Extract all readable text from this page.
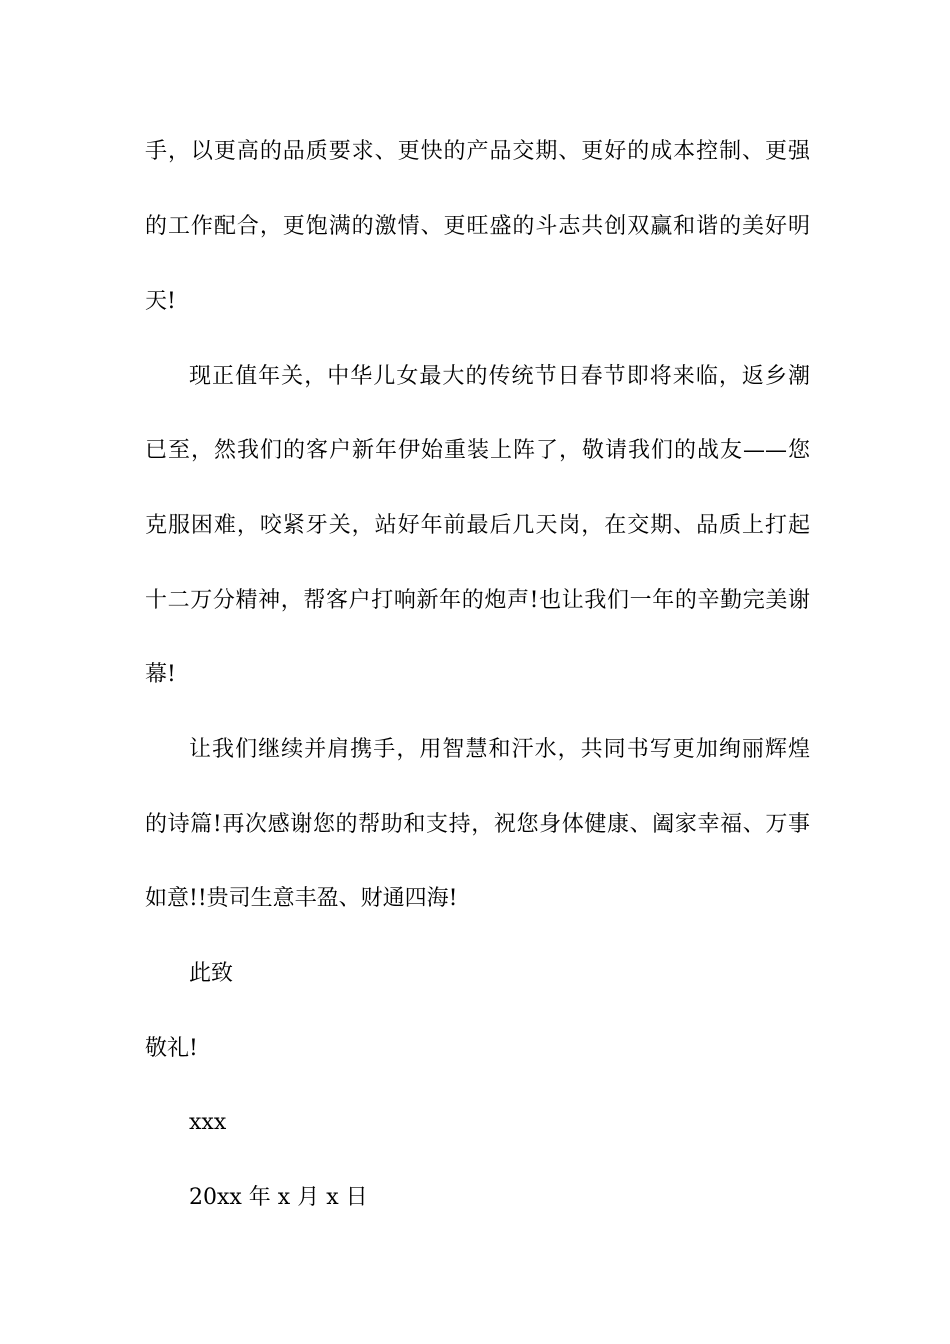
手，以更高的品质要求、更快的产品交期、更好的成本控制、更强
的工作配合，更饱满的激情、更旺盛的斗志共创双赢和谐的美好明
天!
现正值年关，中华儿女最大的传统节日春节即将来临，返乡潮
已至，然我们的客户新年伊始重装上阵了，敬请我们的战友——您
克服困难，咬紧牙关，站好年前最后几天岗，在交期、品质上打起
十二万分精神，帮客户打响新年的炮声!也让我们一年的辛勤完美谢
幕!
让我们继续并肩携手，用智慧和汗水，共同书写更加绚丽辉煌
的诗篇!再次感谢您的帮助和支持，祝您身体健康、阖家幸福、万事
如意!!贵司生意丰盈、财通四海!
此致
敬礼!
xxx
20xx 年 x 月 x 日
